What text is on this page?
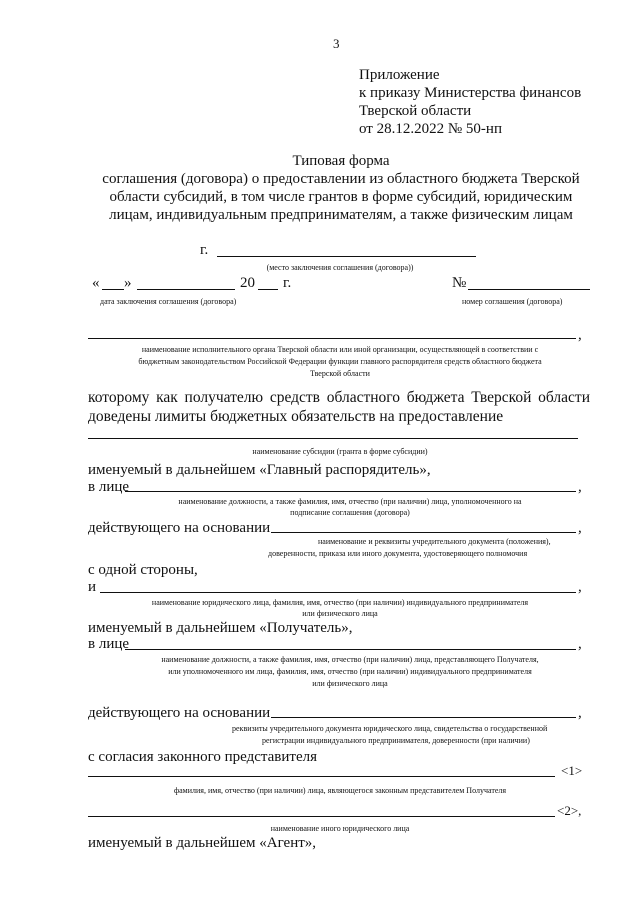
3
Приложение
к приказу Министерства финансов
Тверской области
от 28.12.2022 № 50-нп
Типовая форма
соглашения (договора) о предоставлении из областного бюджета Тверской
области субсидий, в том числе грантов в форме субсидий, юридическим
лицам, индивидуальным предпринимателям, а также физическим лицам
г.
(место заключения соглашения (договора))
« »	20 г.	№
дата заключения соглашения (договора)	номер соглашения (договора)
,
наименование исполнительного органа Тверской области или иной организации, осуществляющей в соответствии с
бюджетным законодательством Российской Федерации функции главного распорядителя средств областного бюджета
Тверской области
которому как получателю средств областного бюджета Тверской области
доведены лимиты бюджетных обязательств на предоставление
наименование субсидии (гранта в форме субсидии)
именуемый в дальнейшем «Главный распорядитель»,
в лице	,
наименование должности, а также фамилия, имя, отчество (при наличии) лица, уполномоченного на
подписание соглашения (договора)
действующего на основании	,
наименование и реквизиты учредительного документа (положения),
доверенности, приказа или иного документа, удостоверяющего полномочия
с одной стороны,
и	,
наименование юридического лица, фамилия, имя, отчество (при наличии) индивидуального предпринимателя
или физического лица
именуемый в дальнейшем «Получатель»,
в лице	,
наименование должности, а также фамилия, имя, отчество (при наличии) лица, представляющего Получателя,
или уполномоченного им лица, фамилия, имя, отчество (при наличии) индивидуального предпринимателя
или физического лица
действующего на основании	,
реквизиты учредительного документа юридического лица, свидетельства о государственной
регистрации индивидуального предпринимателя, доверенности (при наличии)
с согласия законного представителя
<1>
фамилия, имя, отчество (при наличии) лица, являющегося законным представителем Получателя
<2>,
наименование иного юридического лица
именуемый в дальнейшем «Агент»,
